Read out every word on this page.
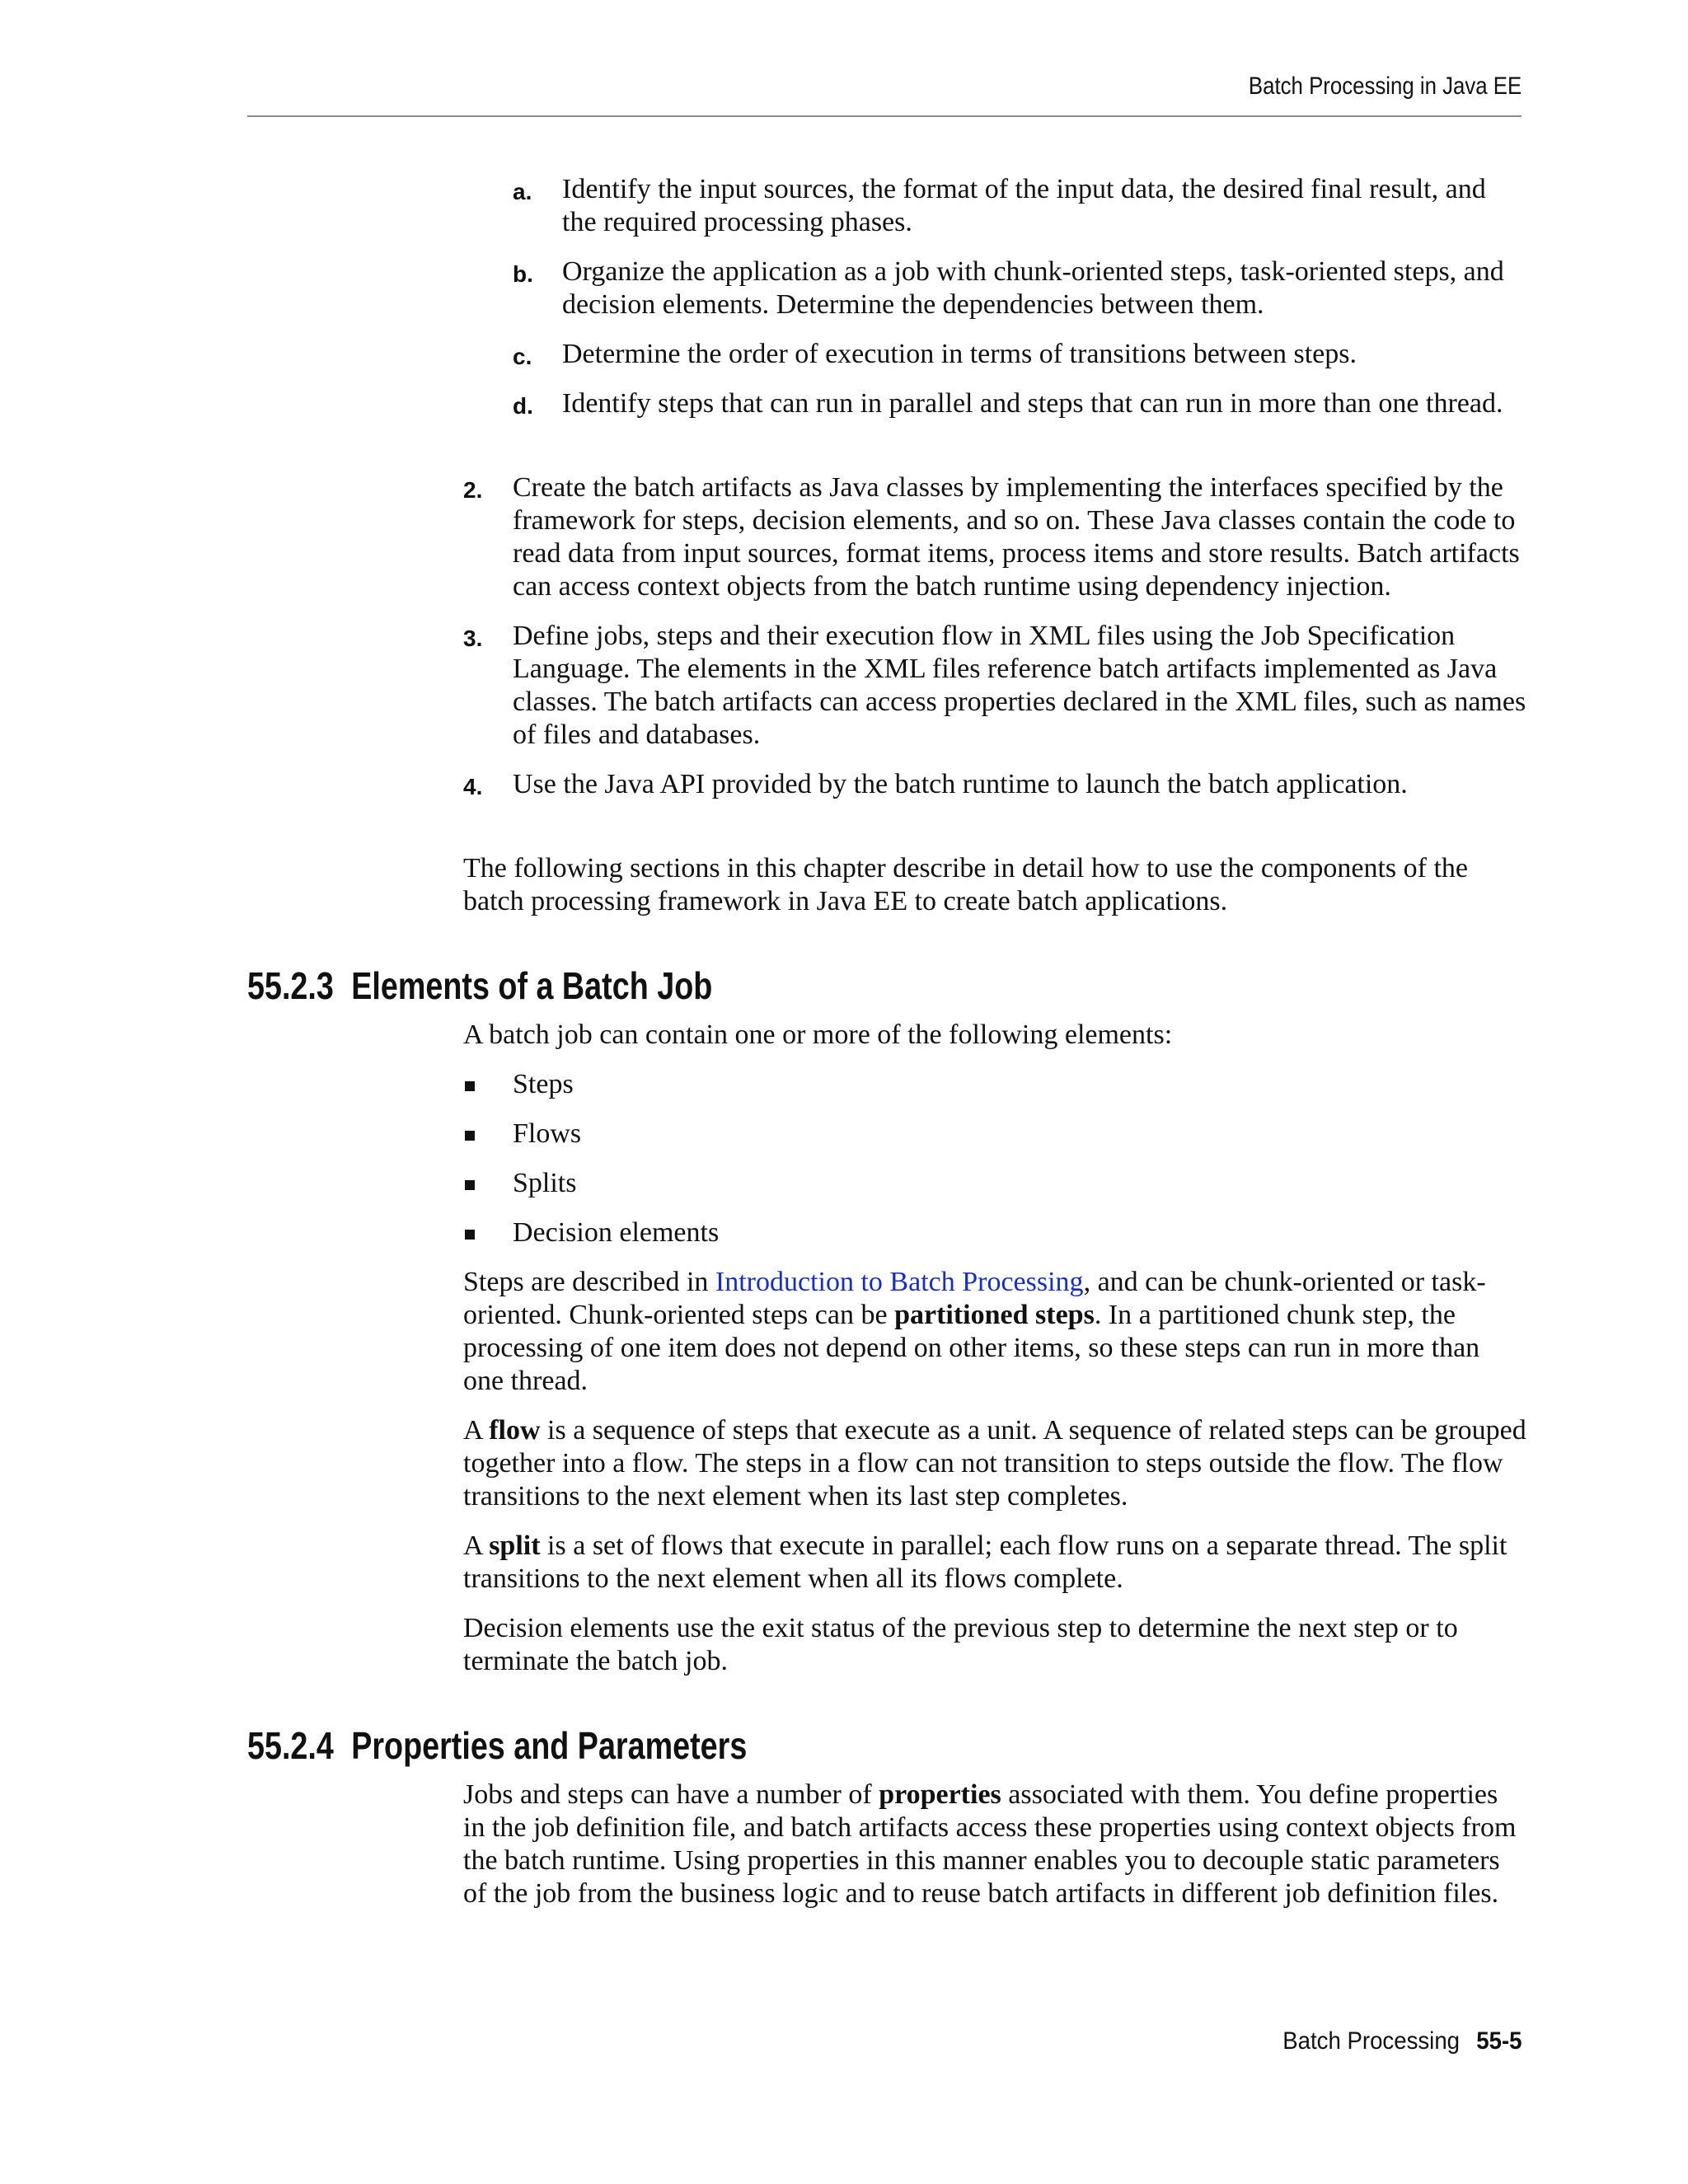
Batch Processing in Java EE
a. Identify the input sources, the format of the input data, the desired final result, and the required processing phases.
b. Organize the application as a job with chunk-oriented steps, task-oriented steps, and decision elements. Determine the dependencies between them.
c. Determine the order of execution in terms of transitions between steps.
d. Identify steps that can run in parallel and steps that can run in more than one thread.
2. Create the batch artifacts as Java classes by implementing the interfaces specified by the framework for steps, decision elements, and so on. These Java classes contain the code to read data from input sources, format items, process items and store results. Batch artifacts can access context objects from the batch runtime using dependency injection.
3. Define jobs, steps and their execution flow in XML files using the Job Specification Language. The elements in the XML files reference batch artifacts implemented as Java classes. The batch artifacts can access properties declared in the XML files, such as names of files and databases.
4. Use the Java API provided by the batch runtime to launch the batch application.

The following sections in this chapter describe in detail how to use the components of the batch processing framework in Java EE to create batch applications.

55.2.3 Elements of a Batch Job

A batch job can contain one or more of the following elements:

Steps
Flows
Splits
Decision elements

Steps are described in Introduction to Batch Processing, and can be chunk-oriented or task-oriented. Chunk-oriented steps can be partitioned steps. In a partitioned chunk step, the processing of one item does not depend on other items, so these steps can run in more than one thread.

A flow is a sequence of steps that execute as a unit. A sequence of related steps can be grouped together into a flow. The steps in a flow can not transition to steps outside the flow. The flow transitions to the next element when its last step completes.

A split is a set of flows that execute in parallel; each flow runs on a separate thread. The split transitions to the next element when all its flows complete.

Decision elements use the exit status of the previous step to determine the next step or to terminate the batch job.

55.2.4 Properties and Parameters

Jobs and steps can have a number of properties associated with them. You define properties in the job definition file, and batch artifacts access these properties using context objects from the batch runtime. Using properties in this manner enables you to decouple static parameters of the job from the business logic and to reuse batch artifacts in different job definition files.

Batch Processing 55-5
